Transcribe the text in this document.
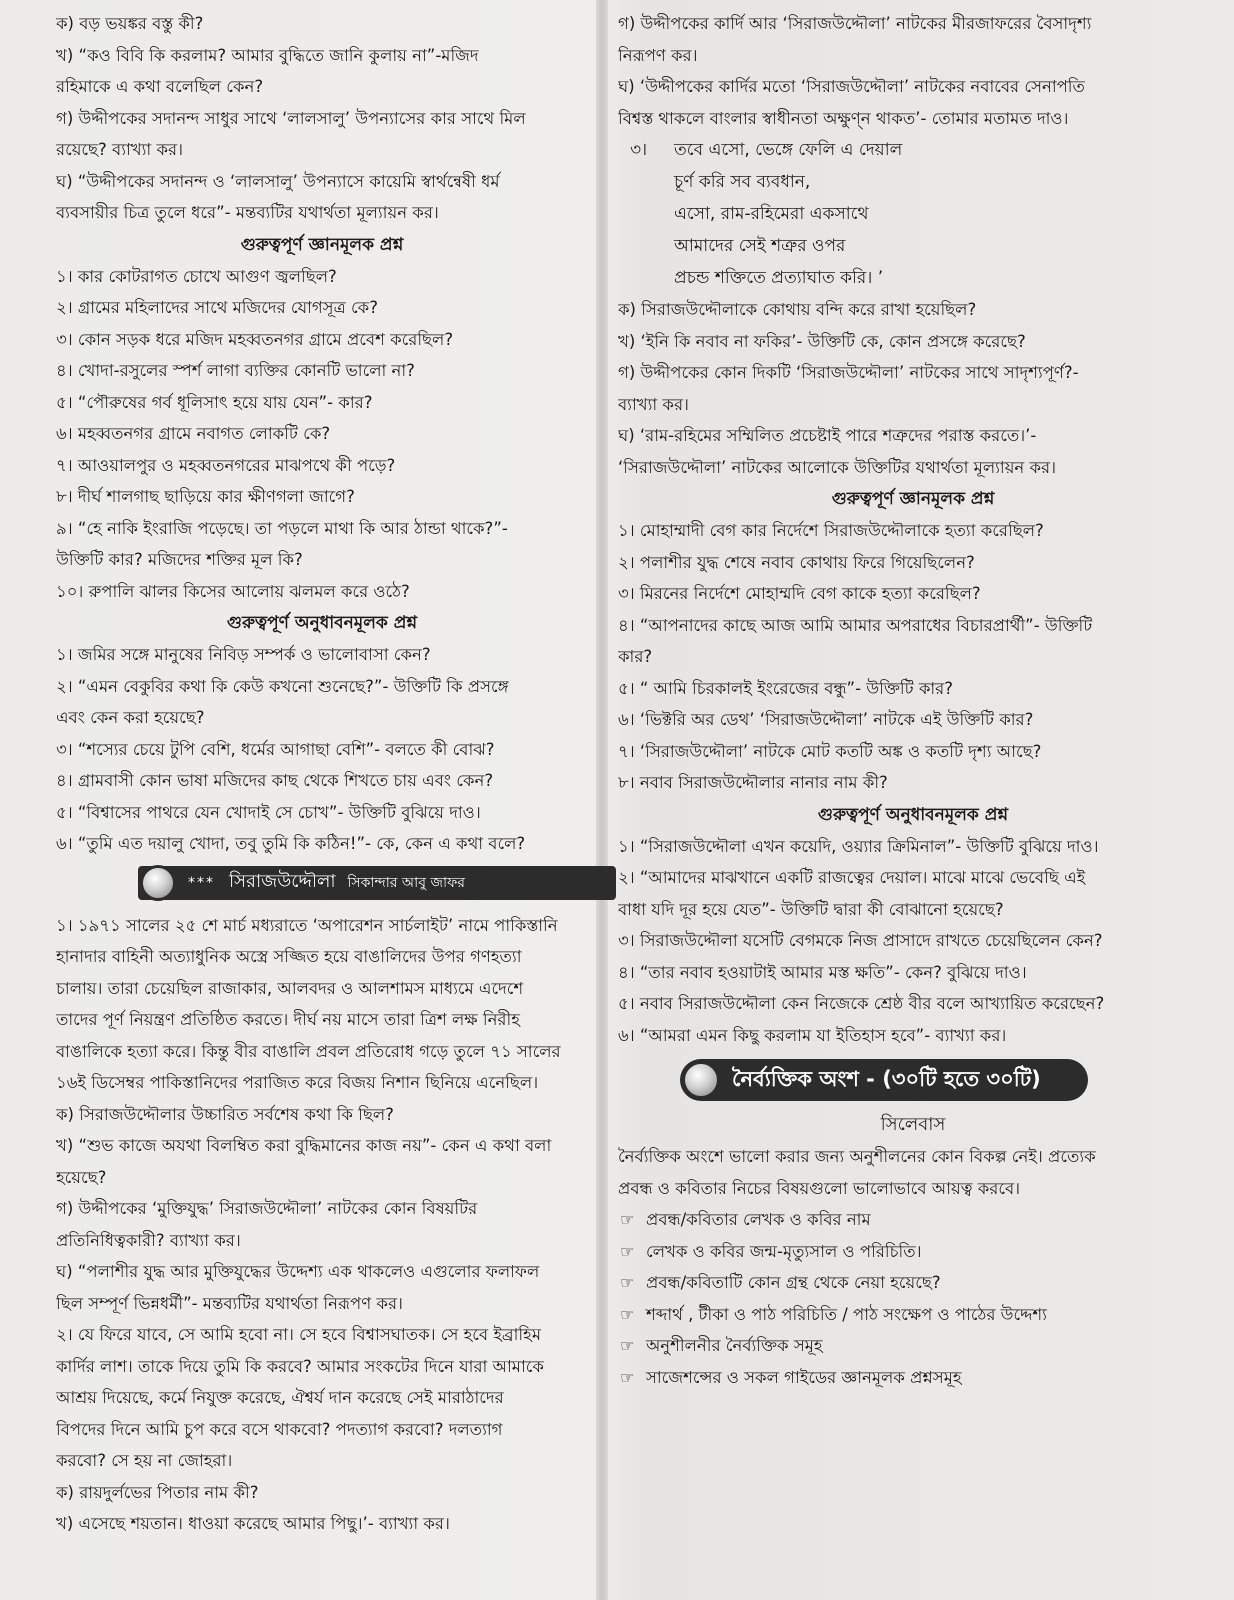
ক) বড় ভয়ঙ্কর বস্তু কী?
খ) “কও বিবি কি করলাম? আমার বুদ্ধিতে জানি কুলায় না”-মজিদ
রহিমাকে এ কথা বলেছিল কেন?
গ) উদ্দীপকের সদানন্দ সাধুর সাথে ‘লালসালু’ উপন্যাসের কার সাথে মিল
রয়েছে? ব্যাখ্যা কর।
ঘ) “উদ্দীপকের সদানন্দ ও ‘লালসালু’ উপন্যাসে কায়েমি স্বার্থন্বেষী ধর্ম
ব্যবসায়ীর চিত্র তুলে ধরে”- মন্তব্যটির যথার্থতা মূল্যায়ন কর।
গুরুত্বপূর্ণ জ্ঞানমূলক প্রশ্ন
১। কার কোটরাগত চোখে আগুণ জ্বলছিল?
২। গ্রামের মহিলাদের সাথে মজিদের যোগসূত্র কে?
৩। কোন সড়ক ধরে মজিদ মহব্বতনগর গ্রামে প্রবেশ করেছিল?
৪। খোদা-রসুলের স্পর্শ লাগা ব্যক্তির কোনটি ভালো না?
৫। “পৌরুষের গর্ব ধূলিসাৎ হয়ে যায় যেন”- কার?
৬। মহব্বতনগর গ্রামে নবাগত লোকটি কে?
৭। আওয়ালপুর ও মহব্বতনগরের মাঝপথে কী পড়ে?
৮। দীর্ঘ শালগাছ ছাড়িয়ে কার ক্ষীণগলা জাগে?
৯। “হে নাকি ইংরাজি পড়েছে। তা পড়লে মাথা কি আর ঠান্ডা থাকে?”-
উক্তিটি কার? মজিদের শক্তির মূল কি?
১০। রুপালি ঝালর কিসের আলোয় ঝলমল করে ওঠে?
গুরুত্বপূর্ণ অনুধাবনমূলক প্রশ্ন
১। জমির সঙ্গে মানুষের নিবিড় সম্পর্ক ও ভালোবাসা কেন?
২। “এমন বেকুবির কথা কি কেউ কখনো শুনেছে?”- উক্তিটি কি প্রসঙ্গে
এবং কেন করা হয়েছে?
৩। “শস্যের চেয়ে টুপি বেশি, ধর্মের আগাছা বেশি”- বলতে কী বোঝ?
৪। গ্রামবাসী কোন ভাষা মজিদের কাছ থেকে শিখতে চায় এবং কেন?
৫। “বিশ্বাসের পাথরে যেন খোদাই সে চোখ”- উক্তিটি বুঝিয়ে দাও।
৬। “তুমি এত দয়ালু খোদা, তবু তুমি কি কঠিন!”- কে, কেন এ কথা বলে?
*** সিরাজউদ্দৌলা সিকান্দার আবু জাফর
১। ১৯৭১ সালের ২৫ শে মার্চ মধ্যরাতে ‘অপারেশন সার্চলাইট’ নামে পাকিস্তানি
হানাদার বাহিনী অত্যাধুনিক অস্ত্রে সজ্জিত হয়ে বাঙালিদের উপর গণহত্যা
চালায়। তারা চেয়েছিল রাজাকার, আলবদর ও আলশামস মাধ্যমে এদেশে
তাদের পূর্ণ নিয়ন্ত্রণ প্রতিষ্ঠিত করতে। দীর্ঘ নয় মাসে তারা ত্রিশ লক্ষ নিরীহ
বাঙালিকে হত্যা করে। কিন্তু বীর বাঙালি প্রবল প্রতিরোধ গড়ে তুলে ৭১ সালের
১৬ই ডিসেম্বর পাকিস্তানিদের পরাজিত করে বিজয় নিশান ছিনিয়ে এনেছিল।
ক) সিরাজউদ্দৌলার উচ্চারিত সর্বশেষ কথা কি ছিল?
খ) “শুভ কাজে অযথা বিলম্বিত করা বুদ্ধিমানের কাজ নয়”- কেন এ কথা বলা
হয়েছে?
গ) উদ্দীপকের ‘মুক্তিযুদ্ধ’ সিরাজউদ্দৌলা’ নাটকের কোন বিষয়টির
প্রতিনিধিত্বকারী? ব্যাখ্যা কর।
ঘ) “পলাশীর যুদ্ধ আর মুক্তিযুদ্ধের উদ্দেশ্য এক থাকলেও এগুলোর ফলাফল
ছিল সম্পূর্ণ ভিন্নধর্মী”- মন্তব্যটির যথার্থতা নিরূপণ কর।
২। যে ফিরে যাবে, সে আমি হবো না। সে হবে বিশ্বাসঘাতক। সে হবে ইব্রাহিম
কার্দির লাশ। তাকে দিয়ে তুমি কি করবে? আমার সংকটের দিনে যারা আমাকে
আশ্রয় দিয়েছে, কর্মে নিযুক্ত করেছে, ঐশ্বর্য দান করেছে সেই মারাঠাদের
বিপদের দিনে আমি চুপ করে বসে থাকবো? পদত্যাগ করবো? দলত্যাগ
করবো? সে হয় না জোহরা।
ক) রায়দুর্লভের পিতার নাম কী?
খ) এসেছে শয়তান। ধাওয়া করেছে আমার পিছু।’- ব্যাখ্যা কর।
গ) উদ্দীপকের কার্দি আর ‘সিরাজউদ্দৌলা’ নাটকের মীরজাফরের বৈসাদৃশ্য
নিরূপণ কর।
ঘ) ‘উদ্দীপকের কার্দির মতো ‘সিরাজউদ্দৌলা’ নাটকের নবাবের সেনাপতি
বিশ্বস্ত থাকলে বাংলার স্বাধীনতা অক্ষুণ্ন থাকত’- তোমার মতামত দাও।
৩। তবে এসো, ভেঙ্গে ফেলি এ দেয়াল
চূর্ণ করি সব ব্যবধান,
এসো, রাম-রহিমেরা একসাথে
আমাদের সেই শত্রুর ওপর
প্রচন্ড শক্তিতে প্রত্যাঘাত করি। ’
ক) সিরাজউদ্দৌলাকে কোথায় বন্দি করে রাখা হয়েছিল?
খ) ‘ইনি কি নবাব না ফকির’- উক্তিটি কে, কোন প্রসঙ্গে করেছে?
গ) উদ্দীপকের কোন দিকটি ‘সিরাজউদ্দৌলা’ নাটকের সাথে সাদৃশ্যপূর্ণ?-
ব্যাখ্যা কর।
ঘ) ‘রাম-রহিমের সম্মিলিত প্রচেষ্টাই পারে শত্রুদের পরাস্ত করতে।’-
‘সিরাজউদ্দৌলা’ নাটকের আলোকে উক্তিটির যথার্থতা মূল্যায়ন কর।
গুরুত্বপূর্ণ জ্ঞানমূলক প্রশ্ন
১। মোহাম্মাদী বেগ কার নির্দেশে সিরাজউদ্দৌলাকে হত্যা করেছিল?
২। পলাশীর যুদ্ধ শেষে নবাব কোথায় ফিরে গিয়েছিলেন?
৩। মিরনের নির্দেশে মোহাম্মদি বেগ কাকে হত্যা করেছিল?
৪। “আপনাদের কাছে আজ আমি আমার অপরাধের বিচারপ্রার্থী”- উক্তিটি
কার?
৫। “ আমি চিরকালই ইংরেজের বন্ধু”- উক্তিটি কার?
৬। ‘ভিক্টরি অর ডেথ’ ‘সিরাজউদ্দৌলা’ নাটকে এই উক্তিটি কার?
৭। ‘সিরাজউদ্দৌলা’ নাটকে মোট কতটি অঙ্ক ও কতটি দৃশ্য আছে?
৮। নবাব সিরাজউদ্দৌলার নানার নাম কী?
গুরুত্বপূর্ণ অনুধাবনমূলক প্রশ্ন
১। “সিরাজউদ্দৌলা এখন কয়েদি, ওয়্যার ক্রিমিনাল”- উক্তিটি বুঝিয়ে দাও।
২। “আমাদের মাঝখানে একটি রাজত্বের দেয়াল। মাঝে মাঝে ভেবেছি এই
বাধা যদি দূর হয়ে যেত”- উক্তিটি দ্বারা কী বোঝানো হয়েছে?
৩। সিরাজউদ্দৌলা যসেটি বেগমকে নিজ প্রাসাদে রাখতে চেয়েছিলেন কেন?
৪। “তার নবাব হওয়াটাই আমার মস্ত ক্ষতি”- কেন? বুঝিয়ে দাও।
৫। নবাব সিরাজউদ্দৌলা কেন নিজেকে শ্রেষ্ঠ বীর বলে আখ্যায়িত করেছেন?
৬। “আমরা এমন কিছু করলাম যা ইতিহাস হবে”- ব্যাখ্যা কর।
নৈর্ব্যক্তিক অংশ - (৩০টি হতে ৩০টি)
সিলেবাস
নৈর্ব্যক্তিক অংশে ভালো করার জন্য অনুশীলনের কোন বিকল্প নেই। প্রত্যেক
প্রবন্ধ ও কবিতার নিচের বিষয়গুলো ভালোভাবে আয়ত্ব করবে।
☞ প্রবন্ধ/কবিতার লেখক ও কবির নাম
☞ লেখক ও কবির জন্ম-মৃত্যুসাল ও পরিচিতি।
☞ প্রবন্ধ/কবিতাটি কোন গ্রন্থ থেকে নেয়া হয়েছে?
☞ শব্দার্থ , টীকা ও পাঠ পরিচিতি / পাঠ সংক্ষেপ ও পাঠের উদ্দেশ্য
☞ অনুশীলনীর নৈর্ব্যক্তিক সমূহ
☞ সাজেশন্সের ও সকল গাইডের জ্ঞানমূলক প্রশ্নসমূহ
